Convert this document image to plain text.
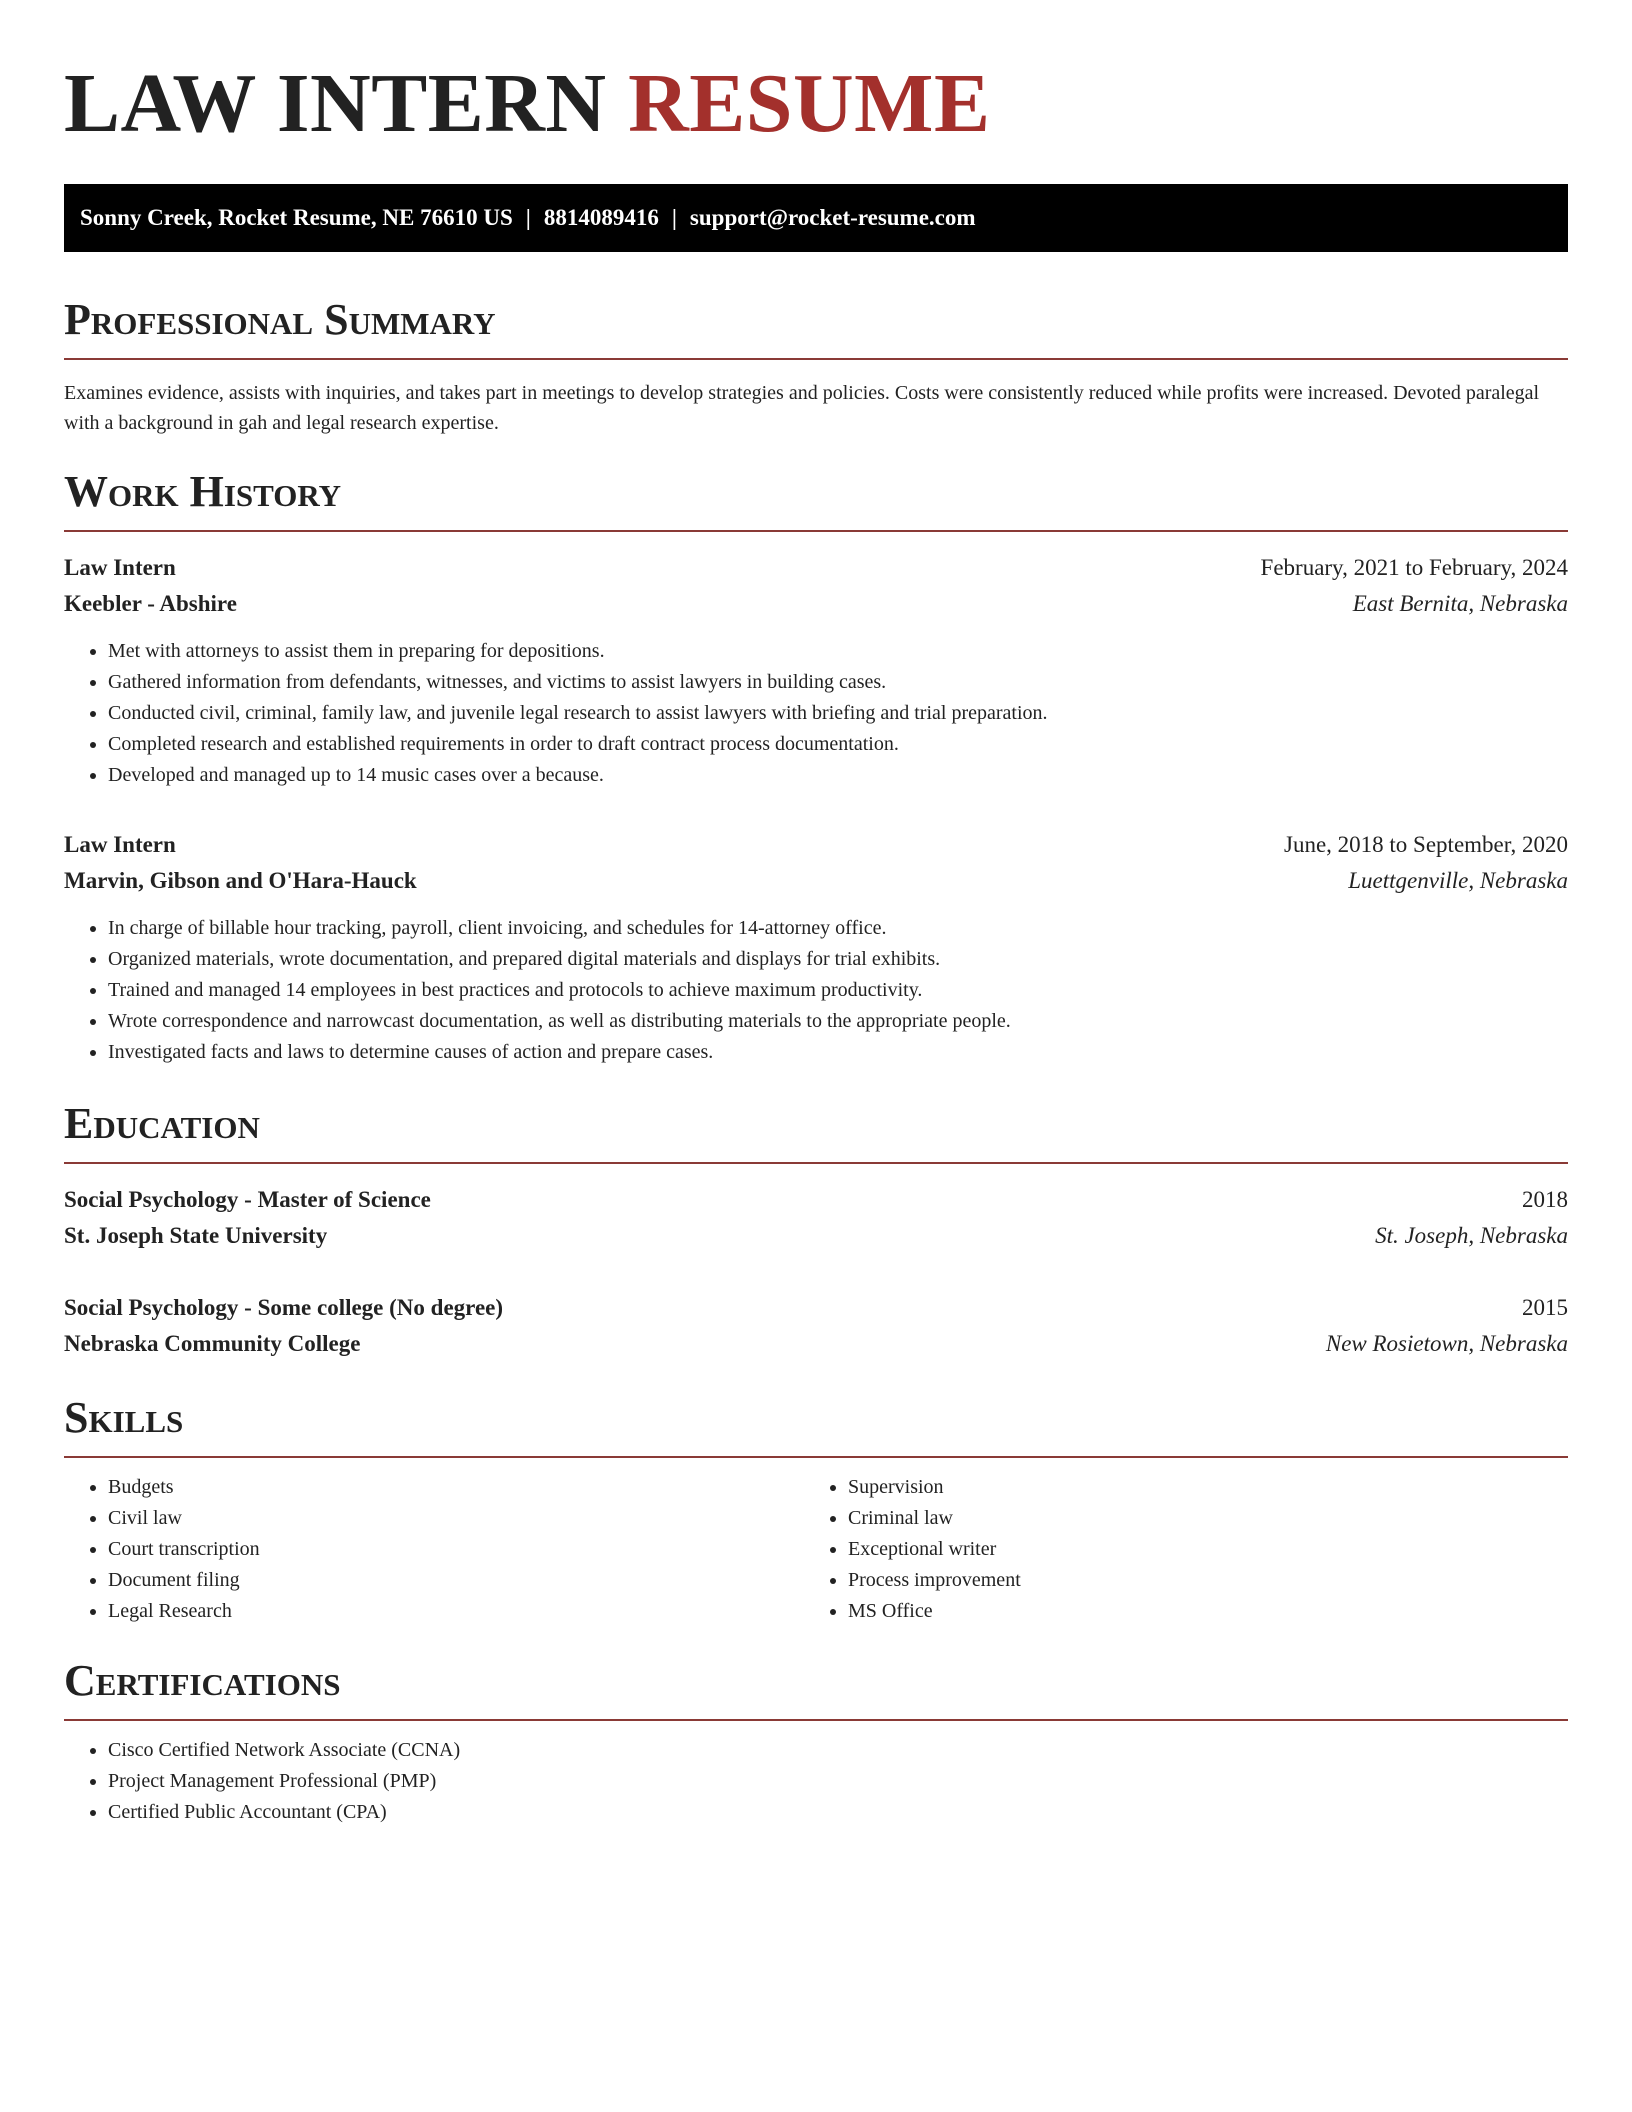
LAW INTERN RESUME
Sonny Creek, Rocket Resume, NE 76610 US | 8814089416 | support@rocket-resume.com
Professional Summary

Examines evidence, assists with inquiries, and takes part in meetings to develop strategies and policies. Costs were consistently reduced while profits were increased. Devoted paralegal with a background in gah and legal research expertise.

Work History
Law Intern	February, 2021 to February, 2024
Keebler - Abshire	East Bernita, Nebraska
• Met with attorneys to assist them in preparing for depositions.
• Gathered information from defendants, witnesses, and victims to assist lawyers in building cases.
• Conducted civil, criminal, family law, and juvenile legal research to assist lawyers with briefing and trial preparation.
• Completed research and established requirements in order to draft contract process documentation.
• Developed and managed up to 14 music cases over a because.
Law Intern	June, 2018 to September, 2020
Marvin, Gibson and O'Hara-Hauck	Luettgenville, Nebraska
• In charge of billable hour tracking, payroll, client invoicing, and schedules for 14-attorney office.
• Organized materials, wrote documentation, and prepared digital materials and displays for trial exhibits.
• Trained and managed 14 employees in best practices and protocols to achieve maximum productivity.
• Wrote correspondence and narrowcast documentation, as well as distributing materials to the appropriate people.
• Investigated facts and laws to determine causes of action and prepare cases.
Education
Social Psychology - Master of Science	2018
St. Joseph State University	St. Joseph, Nebraska
Social Psychology - Some college (No degree)	2015
Nebraska Community College	New Rosietown, Nebraska
Skills
• Budgets
• Civil law
• Court transcription
• Document filing
• Legal Research
• Supervision
• Criminal law
• Exceptional writer
• Process improvement
• MS Office
Certifications
• Cisco Certified Network Associate (CCNA)
• Project Management Professional (PMP)
• Certified Public Accountant (CPA)
